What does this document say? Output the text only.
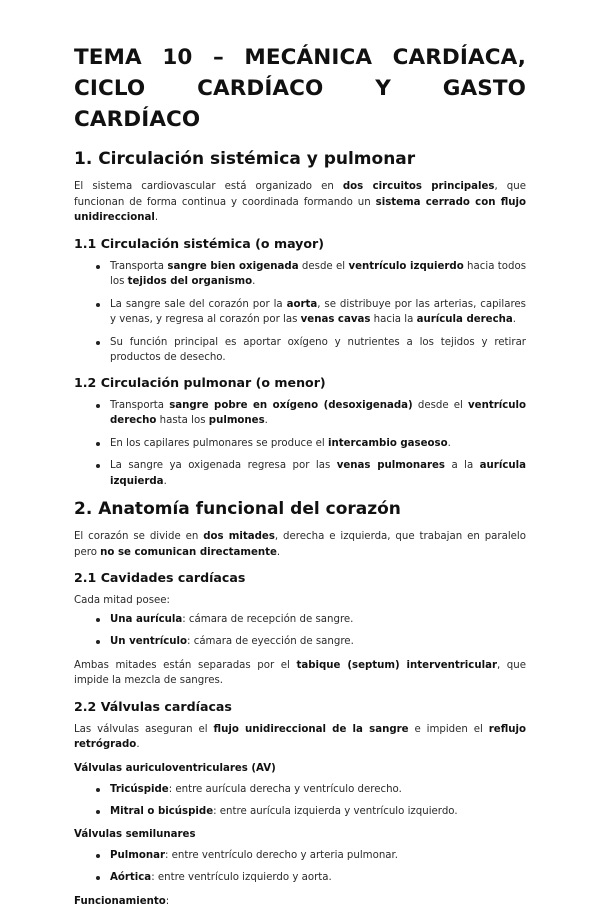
TEMA 10 – MECÁNICA CARDÍACA,
CICLO CARDÍACO Y GASTO CARDÍACO
1. Circulación sistémica y pulmonar

El sistema cardiovascular está organizado en dos circuitos principales, que funcionan de forma continua y coordinada formando un sistema cerrado con flujo unidireccional.

1.1 Circulación sistémica (o mayor)
Transporta sangre bien oxigenada desde el ventrículo izquierdo hacia todos los tejidos del organismo.
La sangre sale del corazón por la aorta, se distribuye por las arterias, capilares y venas, y regresa al corazón por las venas cavas hacia la aurícula derecha.
Su función principal es aportar oxígeno y nutrientes a los tejidos y retirar productos de desecho.
1.2 Circulación pulmonar (o menor)
Transporta sangre pobre en oxígeno (desoxigenada) desde el ventrículo derecho hasta los pulmones.
En los capilares pulmonares se produce el intercambio gaseoso.
La sangre ya oxigenada regresa por las venas pulmonares a la aurícula izquierda.
2. Anatomía funcional del corazón

El corazón se divide en dos mitades, derecha e izquierda, que trabajan en paralelo pero no se comunican directamente.

2.1 Cavidades cardíacas

Cada mitad posee:

Una aurícula: cámara de recepción de sangre.
Un ventrículo: cámara de eyección de sangre.

Ambas mitades están separadas por el tabique (septum) interventricular, que impide la mezcla de sangres.

2.2 Válvulas cardíacas

Las válvulas aseguran el flujo unidireccional de la sangre e impiden el reflujo retrógrado.

Válvulas auriculoventriculares (AV)
Tricúspide: entre aurícula derecha y ventrículo derecho.
Mitral o bicúspide: entre aurícula izquierda y ventrículo izquierdo.
Válvulas semilunares
Pulmonar: entre ventrículo derecho y arteria pulmonar.
Aórtica: entre ventrículo izquierdo y aorta.

Funcionamiento:
